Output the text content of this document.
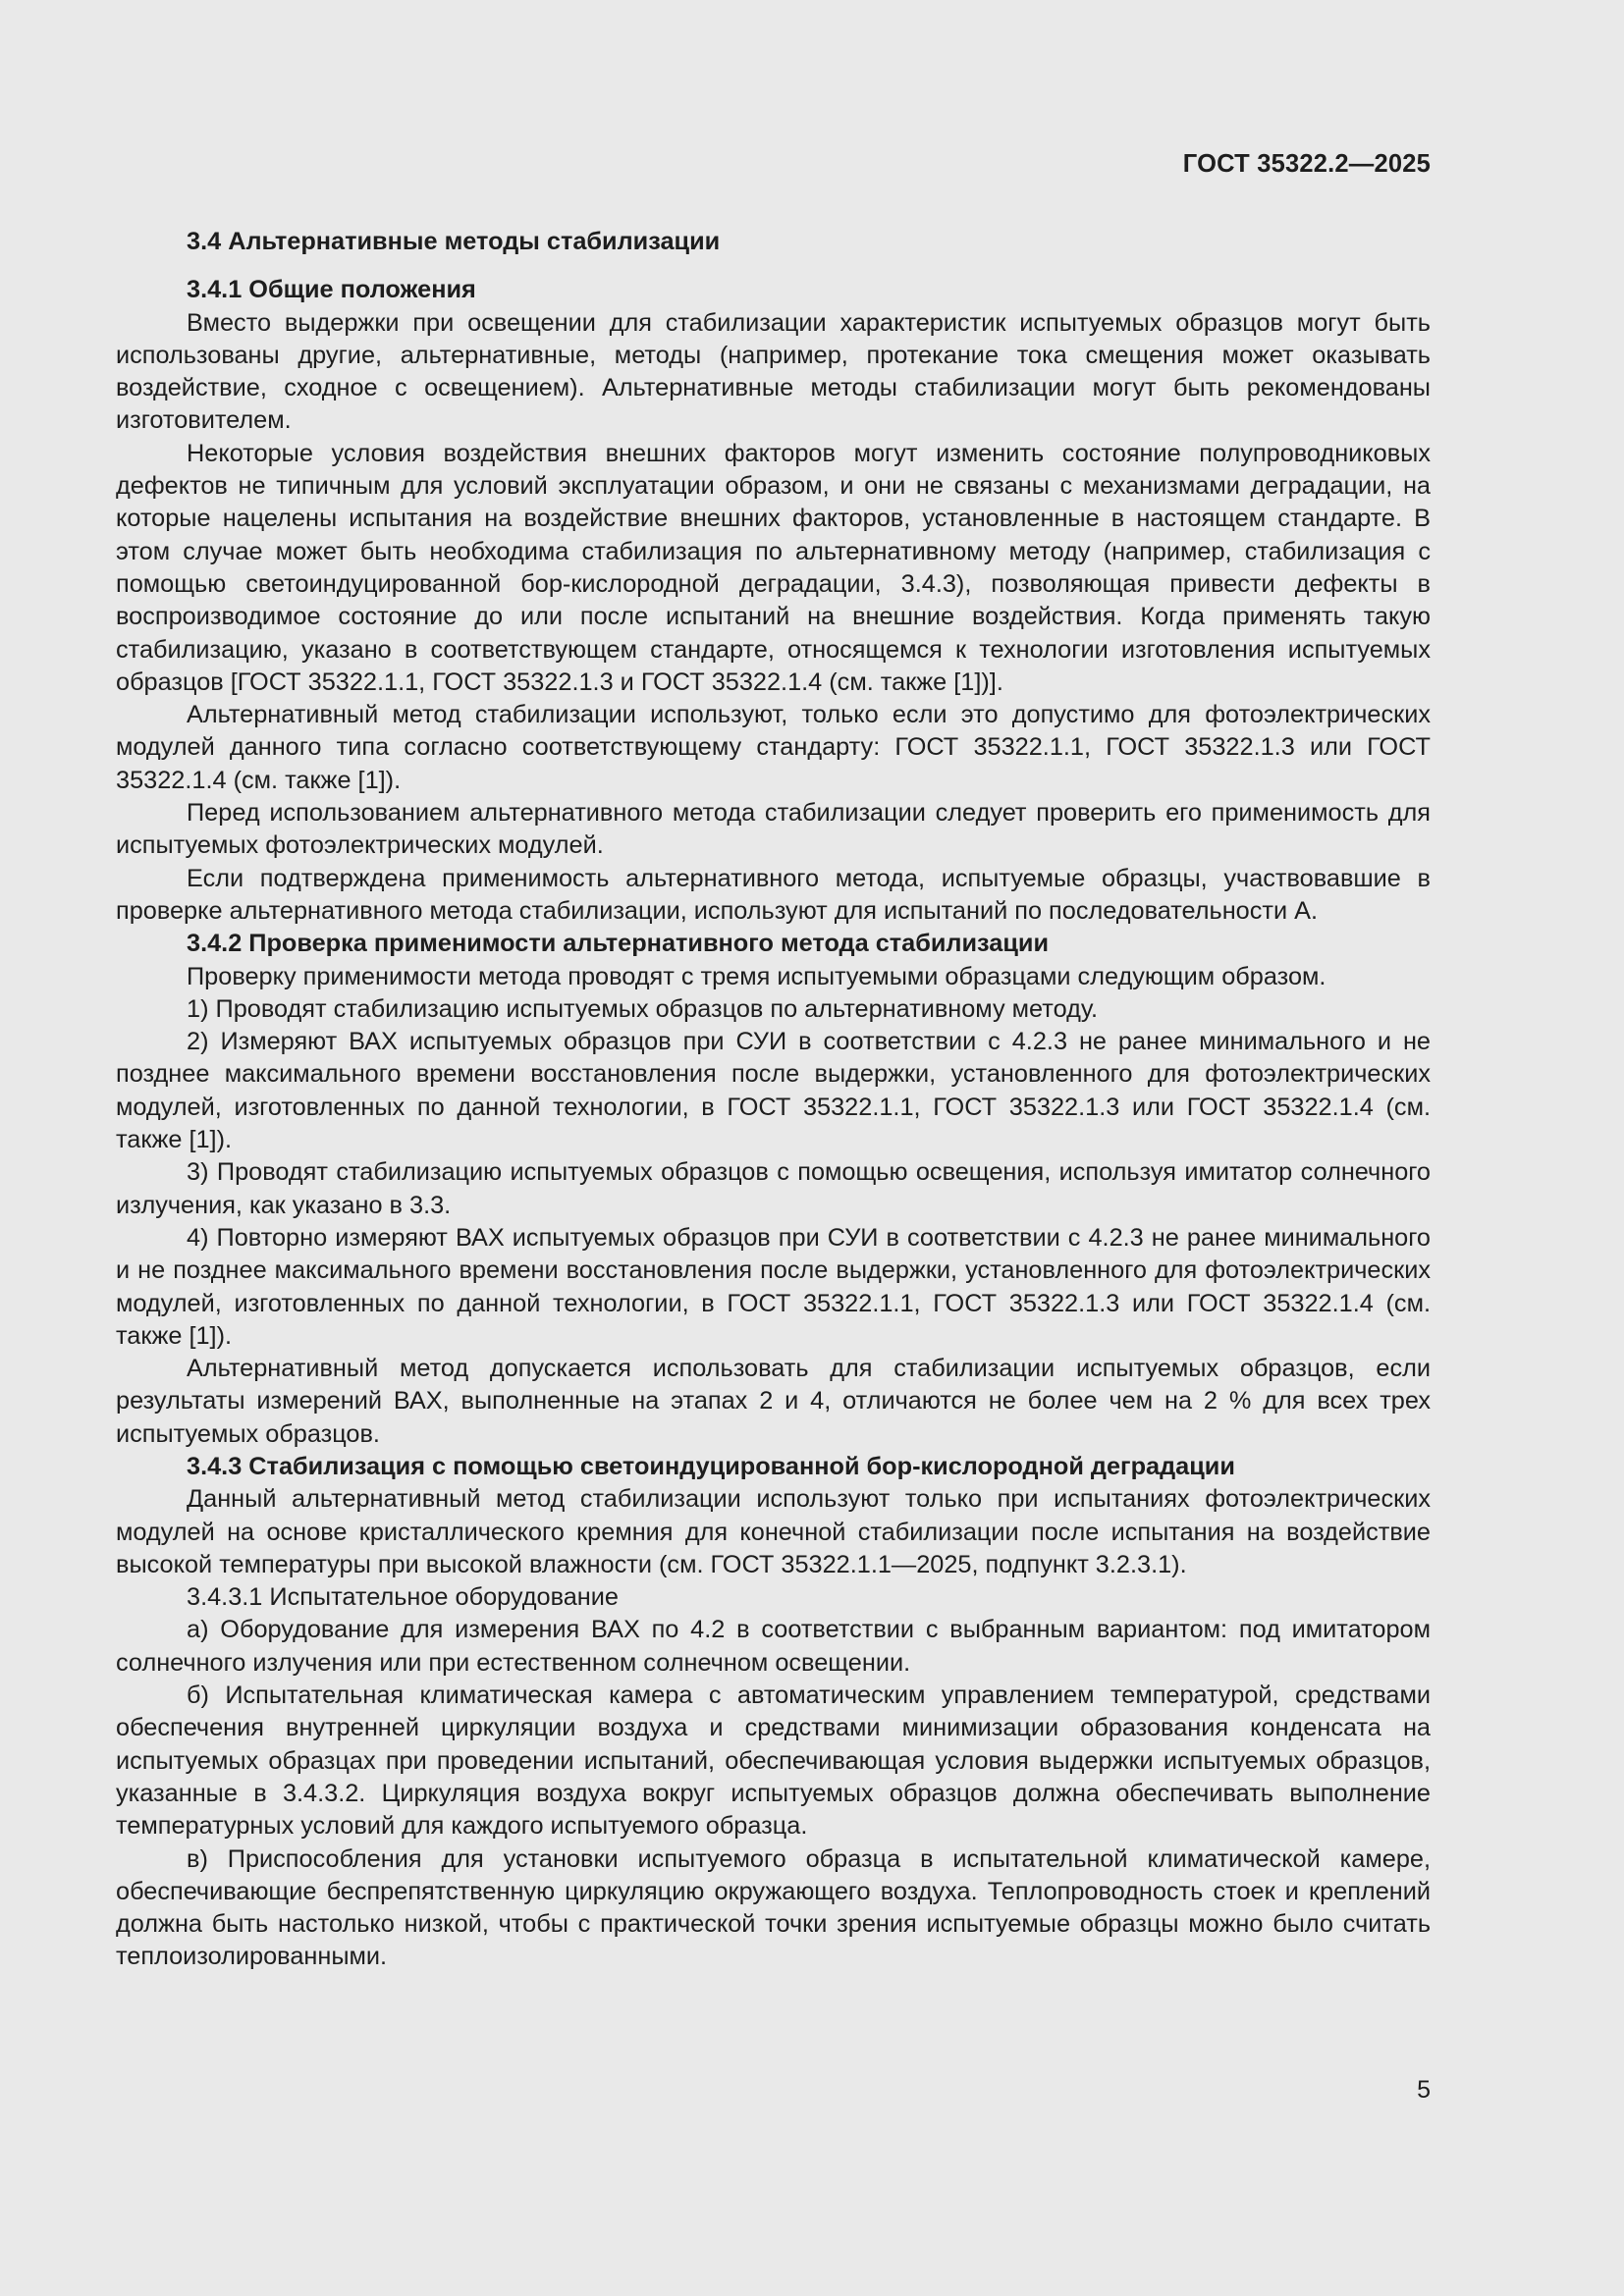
ГОСТ 35322.2—2025

3.4 Альтернативные методы стабилизации

3.4.1 Общие положения

Вместо выдержки при освещении для стабилизации характеристик испытуемых образцов могут быть использованы другие, альтернативные, методы (например, протекание тока смещения может оказывать воздействие, сходное с освещением). Альтернативные методы стабилизации могут быть рекомендованы изготовителем.

Некоторые условия воздействия внешних факторов могут изменить состояние полупроводниковых дефектов не типичным для условий эксплуатации образом, и они не связаны с механизмами деградации, на которые нацелены испытания на воздействие внешних факторов, установленные в настоящем стандарте. В этом случае может быть необходима стабилизация по альтернативному методу (например, стабилизация с помощью светоиндуцированной бор-кислородной деградации, 3.4.3), позволяющая привести дефекты в воспроизводимое состояние до или после испытаний на внешние воздействия. Когда применять такую стабилизацию, указано в соответствующем стандарте, относящемся к технологии изготовления испытуемых образцов [ГОСТ 35322.1.1, ГОСТ 35322.1.3 и ГОСТ 35322.1.4 (см. также [1])].

Альтернативный метод стабилизации используют, только если это допустимо для фотоэлектрических модулей данного типа согласно соответствующему стандарту: ГОСТ 35322.1.1, ГОСТ 35322.1.3 или ГОСТ 35322.1.4 (см. также [1]).

Перед использованием альтернативного метода стабилизации следует проверить его применимость для испытуемых фотоэлектрических модулей.

Если подтверждена применимость альтернативного метода, испытуемые образцы, участвовавшие в проверке альтернативного метода стабилизации, используют для испытаний по последовательности А.

3.4.2 Проверка применимости альтернативного метода стабилизации

Проверку применимости метода проводят с тремя испытуемыми образцами следующим образом.

1) Проводят стабилизацию испытуемых образцов по альтернативному методу.

2) Измеряют ВАХ испытуемых образцов при СУИ в соответствии с 4.2.3 не ранее минимального и не позднее максимального времени восстановления после выдержки, установленного для фотоэлектрических модулей, изготовленных по данной технологии, в ГОСТ 35322.1.1, ГОСТ 35322.1.3 или ГОСТ 35322.1.4 (см. также [1]).

3) Проводят стабилизацию испытуемых образцов с помощью освещения, используя имитатор солнечного излучения, как указано в 3.3.

4) Повторно измеряют ВАХ испытуемых образцов при СУИ в соответствии с 4.2.3 не ранее минимального и не позднее максимального времени восстановления после выдержки, установленного для фотоэлектрических модулей, изготовленных по данной технологии, в ГОСТ 35322.1.1, ГОСТ 35322.1.3 или ГОСТ 35322.1.4 (см. также [1]).

Альтернативный метод допускается использовать для стабилизации испытуемых образцов, если результаты измерений ВАХ, выполненные на этапах 2 и 4, отличаются не более чем на 2 % для всех трех испытуемых образцов.

3.4.3 Стабилизация с помощью светоиндуцированной бор-кислородной деградации

Данный альтернативный метод стабилизации используют только при испытаниях фотоэлектрических модулей на основе кристаллического кремния для конечной стабилизации после испытания на воздействие высокой температуры при высокой влажности (см. ГОСТ 35322.1.1—2025, подпункт 3.2.3.1).

3.4.3.1 Испытательное оборудование

а) Оборудование для измерения ВАХ по 4.2 в соответствии с выбранным вариантом: под имитатором солнечного излучения или при естественном солнечном освещении.

б) Испытательная климатическая камера с автоматическим управлением температурой, средствами обеспечения внутренней циркуляции воздуха и средствами минимизации образования конденсата на испытуемых образцах при проведении испытаний, обеспечивающая условия выдержки испытуемых образцов, указанные в 3.4.3.2. Циркуляция воздуха вокруг испытуемых образцов должна обеспечивать выполнение температурных условий для каждого испытуемого образца.

в) Приспособления для установки испытуемого образца в испытательной климатической камере, обеспечивающие беспрепятственную циркуляцию окружающего воздуха. Теплопроводность стоек и креплений должна быть настолько низкой, чтобы с практической точки зрения испытуемые образцы можно было считать теплоизолированными.

5
